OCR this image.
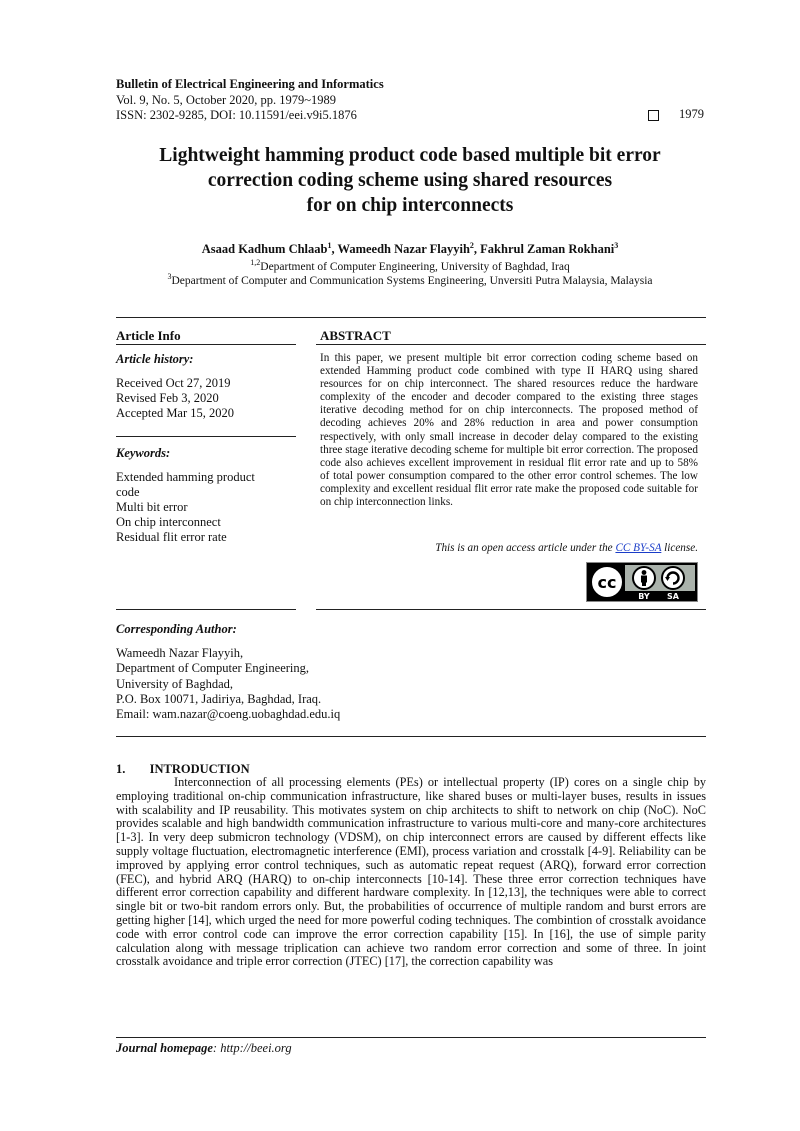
Bulletin of Electrical Engineering and Informatics
Vol. 9, No. 5, October 2020, pp. 1979~1989
ISSN: 2302-9285, DOI: 10.11591/eei.v9i5.1876	1979
Lightweight hamming product code based multiple bit error
correction coding scheme using shared resources
for on chip interconnects
Asaad Kadhum Chlaab$^1$, Wameedh Nazar Flayyih$^2$, Fakhrul Zaman Rokhani$^3$
$^{1,2}$Department of Computer Engineering, University of Baghdad, Iraq
$^3$Department of Computer and Communication Systems Engineering, Unversiti Putra Malaysia, Malaysia
Article Info	ABSTRACT
Article history:
Received Oct 27, 2019
Revised Feb 3, 2020
Accepted Mar 15, 2020
Keywords:
Extended hamming product
code
Multi bit error
On chip interconnect
Residual flit error rate
In this paper, we present multiple bit error correction coding scheme based on extended Hamming product code combined with type II HARQ using shared resources for on chip interconnect. The shared resources reduce the hardware complexity of the encoder and decoder compared to the existing three stages iterative decoding method for on chip interconnects. The proposed method of decoding achieves 20% and 28% reduction in area and power consumption respectively, with only small increase in decoder delay compared to the existing three stage iterative decoding scheme for multiple bit error correction. The proposed code also achieves excellent improvement in residual flit error rate and up to 58% of total power consumption compared to the other error control schemes. The low complexity and excellent residual flit error rate make the proposed code suitable for on chip interconnection links.
This is an open access article under the CC BY-SA license.
cc
BY SA
Corresponding Author:
Wameedh Nazar Flayyih,
Department of Computer Engineering,
University of Baghdad,
P.O. Box 10071, Jadiriya, Baghdad, Iraq.
Email: wam.nazar@coeng.uobaghdad.edu.iq
1. INTRODUCTION

Interconnection of all processing elements (PEs) or intellectual property (IP) cores on a single chip by employing traditional on-chip communication infrastructure, like shared buses or multi-layer buses, results in issues with scalability and IP reusability. This motivates system on chip architects to shift to network on chip (NoC). NoC provides scalable and high bandwidth communication infrastructure to various multi-core and many-core architectures [1-3]. In very deep submicron technology (VDSM), on chip interconnect errors are caused by different effects like supply voltage fluctuation, electromagnetic interference (EMI), process variation and crosstalk [4-9]. Reliability can be improved by applying error control techniques, such as automatic repeat request (ARQ), forward error correction (FEC), and hybrid ARQ (HARQ) to on-chip interconnects [10-14]. These three error correction techniques have different error correction capability and different hardware complexity. In [12,13], the techniques were able to correct single bit or two-bit random errors only. But, the probabilities of occurrence of multiple random and burst errors are getting higher [14], which urged the need for more powerful coding techniques. The combintion of crosstalk avoidance code with error control code can improve the error correction capability [15]. In [16], the use of simple parity calculation along with message triplication can achieve two random error correction and some of three. In joint crosstalk avoidance and triple error correction (JTEC) [17], the correction capability was

Journal homepage: http://beei.org
